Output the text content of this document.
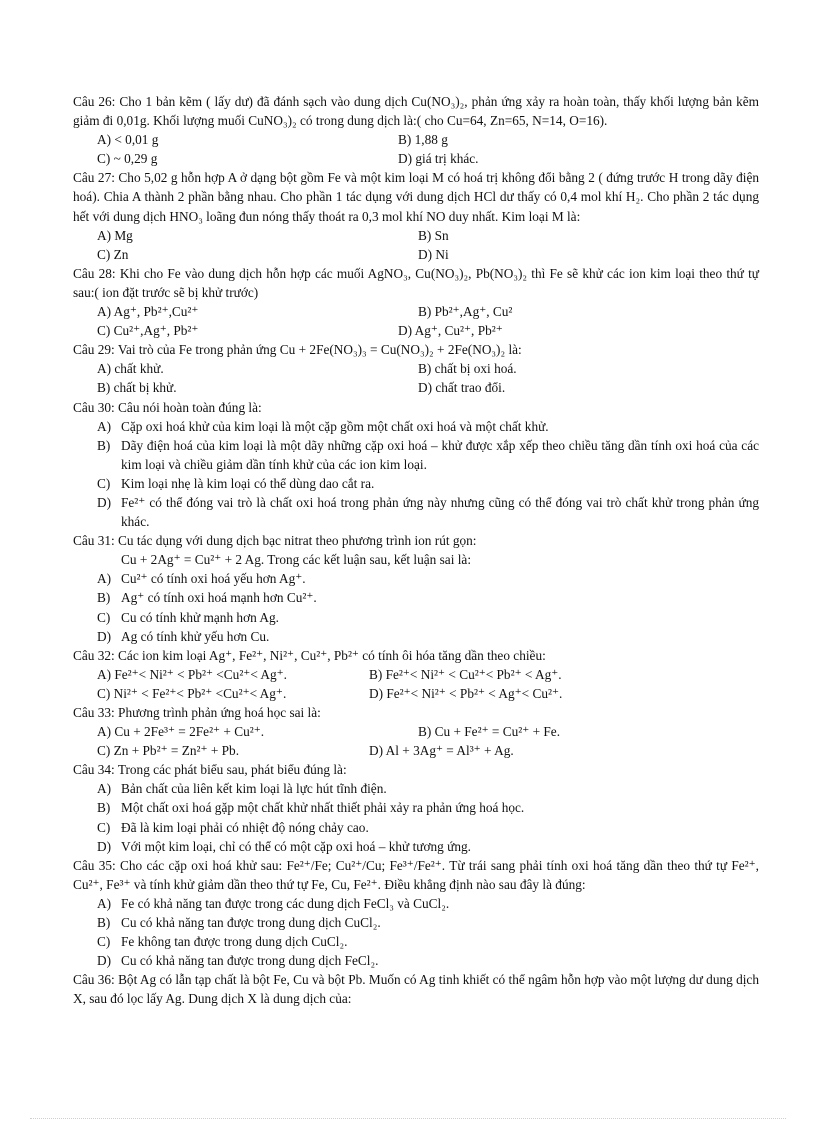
Câu 26: Cho 1 bản kẽm ( lấy dư) đã đánh sạch vào dung dịch Cu(NO₃)₂, phản ứng xảy ra hoàn toàn, thấy khối lượng bản kẽm giảm đi 0,01g. Khối lượng muối CuNO₃)₂ có trong dung dịch là:( cho Cu=64, Zn=65, N=14, O=16).
A) < 0,01 g	B) 1,88 g
C) ~ 0,29 g	D) giá trị khác.
Câu 27: Cho 5,02 g hỗn hợp A ở dạng bột gồm Fe và một kim loại M có hoá trị không đổi bằng 2 ( đứng trước H trong dãy điện hoá). Chia A thành 2 phần bằng nhau. Cho phần 1 tác dụng với dung dịch HCl dư thấy có 0,4 mol khí H₂. Cho phần 2 tác dụng hết với dung dịch HNO₃ loãng đun nóng thấy thoát ra 0,3 mol khí NO duy nhất. Kim loại M là:
A) Mg	B) Sn
C) Zn	D) Ni
Câu 28: Khi cho Fe vào dung dịch hỗn hợp các muối AgNO₃, Cu(NO₃)₂, Pb(NO₃)₂ thì Fe sẽ khử các ion kim loại theo thứ tự sau:( ion đặt trước sẽ bị khử trước)
A) Ag⁺, Pb²⁺,Cu²⁺	B) Pb²⁺,Ag⁺, Cu²
C) Cu²⁺,Ag⁺, Pb²⁺	D) Ag⁺, Cu²⁺, Pb²⁺
Câu 29: Vai trò của Fe trong phản ứng Cu + 2Fe(NO₃)₃ = Cu(NO₃)₂ + 2Fe(NO₃)₂ là:
A) chất khử.	B) chất bị oxi hoá.
B) chất bị khử.	D) chất trao đổi.
Câu 30: Câu nói hoàn toàn đúng là:
A) Cặp oxi hoá khử của kim loại là một cặp gồm một chất oxi hoá và một chất khử.
B) Dãy điện hoá của kim loại là một dãy những cặp oxi hoá – khử được xắp xếp theo chiều tăng dần tính oxi hoá của các kim loại và chiều giảm dần tính khử của các ion kim loại.
C) Kim loại nhẹ là kim loại có thể dùng dao cắt ra.
D) Fe²⁺ có thể đóng vai trò là chất oxi hoá trong phản ứng này nhưng cũng có thể đóng vai trò chất khử trong phản ứng khác.
Câu 31: Cu tác dụng với dung dịch bạc nitrat theo phương trình ion rút gọn:
Cu + 2Ag⁺ = Cu²⁺ + 2 Ag. Trong các kết luận sau, kết luận sai là:
A) Cu²⁺ có tính oxi hoá yếu hơn Ag⁺.
B) Ag⁺ có tính oxi hoá mạnh hơn Cu²⁺.
C) Cu có tính khử mạnh hơn Ag.
D) Ag có tính khử yếu hơn Cu.
Câu 32: Các ion kim loại Ag⁺, Fe²⁺, Ni²⁺, Cu²⁺, Pb²⁺ có tính ôi hóa tăng dần theo chiều:
A) Fe²⁺< Ni²⁺ < Pb²⁺ <Cu²⁺< Ag⁺.	B) Fe²⁺< Ni²⁺ < Cu²⁺< Pb²⁺ < Ag⁺.
C) Ni²⁺ < Fe²⁺< Pb²⁺ <Cu²⁺< Ag⁺.	D) Fe²⁺< Ni²⁺ < Pb²⁺ < Ag⁺< Cu²⁺.
Câu 33: Phương trình phản ứng hoá học sai là:
A) Cu + 2Fe³⁺ = 2Fe²⁺ + Cu²⁺.	B) Cu + Fe²⁺ = Cu²⁺ + Fe.
C) Zn + Pb²⁺ = Zn²⁺ + Pb.	D) Al + 3Ag⁺ = Al³⁺ + Ag.
Câu 34: Trong các phát biểu sau, phát biểu đúng là:
A) Bản chất của liên kết kim loại là lực hút tĩnh điện.
B) Một chất oxi hoá gặp một chất khử nhất thiết phải xảy ra phản ứng hoá học.
C) Đã là kim loại phải có nhiệt độ nóng chảy cao.
D) Với một kim loại, chỉ có thể có một cặp oxi hoá – khử tương ứng.
Câu 35: Cho các cặp oxi hoá khử sau: Fe²⁺/Fe; Cu²⁺/Cu; Fe³⁺/Fe²⁺. Từ trái sang phải tính oxi hoá tăng dần theo thứ tự Fe²⁺, Cu²⁺, Fe³⁺ và tính khử giảm dần theo thứ tự Fe, Cu, Fe²⁺. Điều khẳng định nào sau đây là đúng:
A) Fe có khả năng tan được trong các dung dịch FeCl₃ và CuCl₂.
B) Cu có khả năng tan được trong dung dịch CuCl₂.
C) Fe không tan được trong dung dịch CuCl₂.
D) Cu có khả năng tan được trong dung dịch FeCl₂.
Câu 36: Bột Ag có lẫn tạp chất là bột Fe, Cu và bột Pb. Muốn có Ag tinh khiết có thể ngâm hỗn hợp vào một lượng dư dung dịch X, sau đó lọc lấy Ag. Dung dịch X là dung dịch của:
